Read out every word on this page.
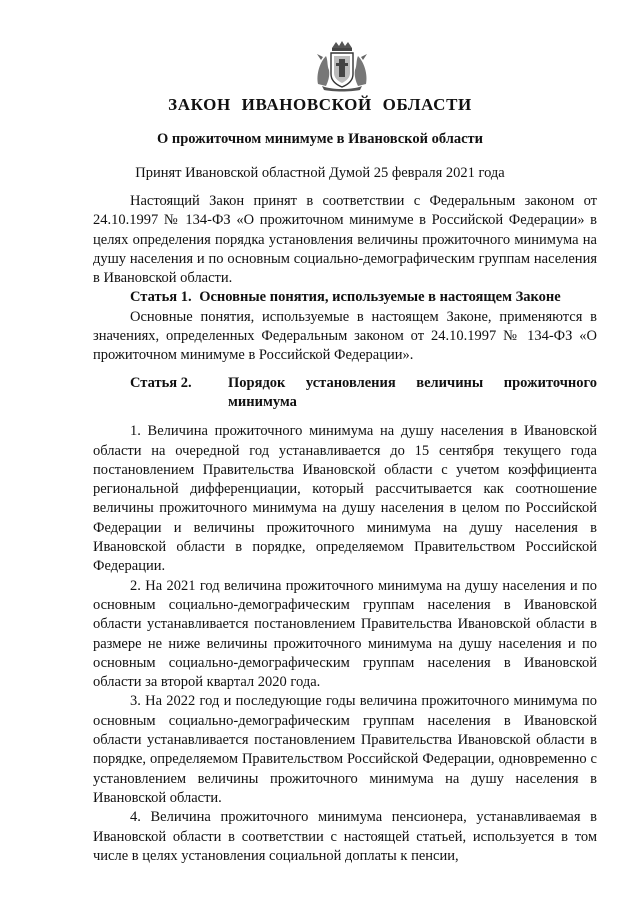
ЗАКОН ИВАНОВСКОЙ ОБЛАСТИ
О прожиточном минимуме в Ивановской области
Принят Ивановской областной Думой 25 февраля 2021 года

Настоящий Закон принят в соответствии с Федеральным законом от 24.10.1997 № 134-ФЗ «О прожиточном минимуме в Российской Федерации» в целях определения порядка установления величины прожиточного минимума на душу населения и по основным социально-демографическим группам населения в Ивановской области.

Статья 1. Основные понятия, используемые в настоящем Законе

Основные понятия, используемые в настоящем Законе, применяются в значениях, определенных Федеральным законом от 24.10.1997 № 134-ФЗ «О прожиточном минимуме в Российской Федерации».

Статья 2.	Порядок установления величины прожиточного минимума

1. Величина прожиточного минимума на душу населения в Ивановской области на очередной год устанавливается до 15 сентября текущего года постановлением Правительства Ивановской области с учетом коэффициента региональной дифференциации, который рассчитывается как соотношение величины прожиточного минимума на душу населения в целом по Российской Федерации и величины прожиточного минимума на душу населения в Ивановской области в порядке, определяемом Правительством Российской Федерации.

2. На 2021 год величина прожиточного минимума на душу населения и по основным социально-демографическим группам населения в Ивановской области устанавливается постановлением Правительства Ивановской области в размере не ниже величины прожиточного минимума на душу населения и по основным социально-демографическим группам населения в Ивановской области за второй квартал 2020 года.

3. На 2022 год и последующие годы величина прожиточного минимума по основным социально-демографическим группам населения в Ивановской области устанавливается постановлением Правительства Ивановской области в порядке, определяемом Правительством Российской Федерации, одновременно с установлением величины прожиточного минимума на душу населения в Ивановской области.

4. Величина прожиточного минимума пенсионера, устанавливаемая в Ивановской области в соответствии с настоящей статьей, используется в том числе в целях установления социальной доплаты к пенсии,
